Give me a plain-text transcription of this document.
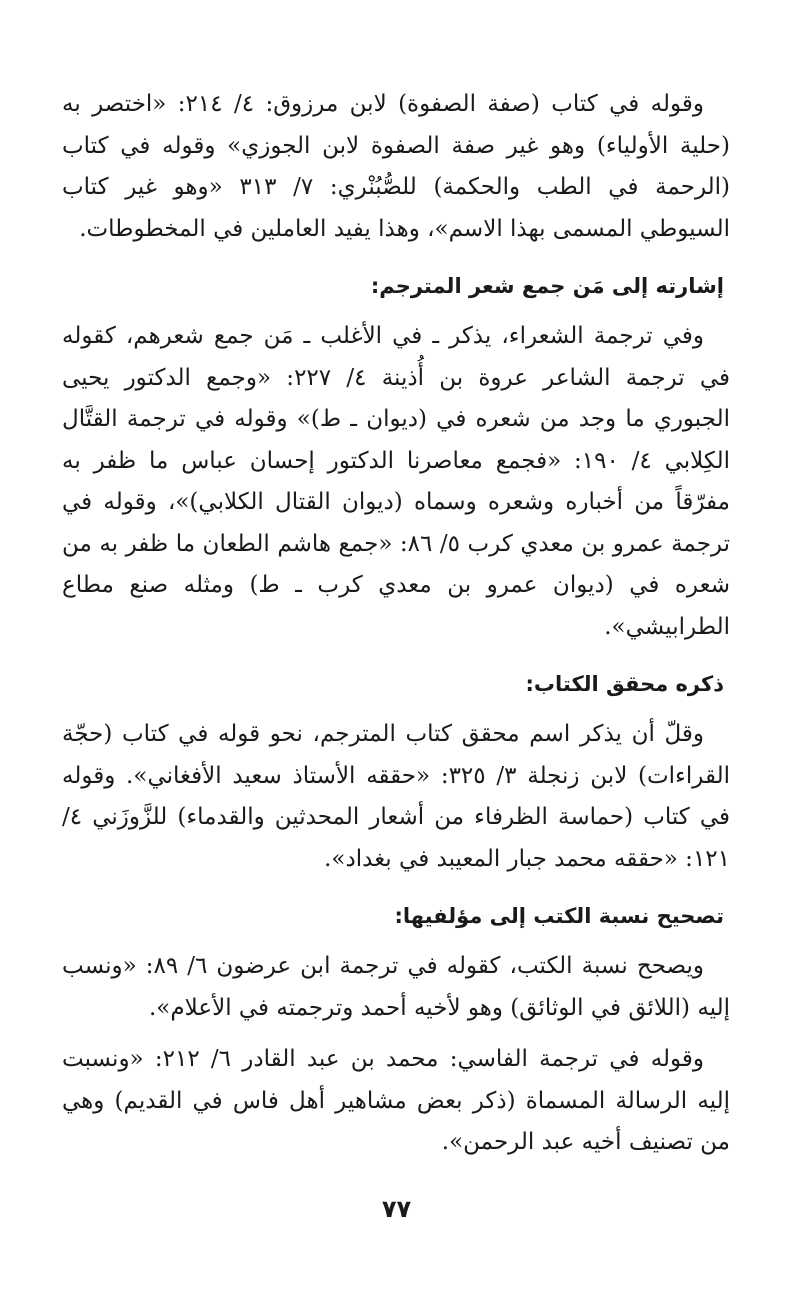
وقوله في كتاب (صفة الصفوة) لابن مرزوق: ٤/ ٢١٤: «اختصر به (حلية الأولياء) وهو غير صفة الصفوة لابن الجوزي» وقوله في كتاب (الرحمة في الطب والحكمة) للصُّبُنْري: ٧/ ٣١٣ «وهو غير كتاب السيوطي المسمى بهذا الاسم»، وهذا يفيد العاملين في المخطوطات.

إشارته إلى مَن جمع شعر المترجم:

وفي ترجمة الشعراء، يذكر ـ في الأغلب ـ مَن جمع شعرهم، كقوله في ترجمة الشاعر عروة بن أُذينة ٤/ ٢٢٧: «وجمع الدكتور يحيى الجبوري ما وجد من شعره في (ديوان ـ ط)» وقوله في ترجمة القتَّال الكِلابي ٤/ ١٩٠: «فجمع معاصرنا الدكتور إحسان عباس ما ظفر به مفرّقاً من أخباره وشعره وسماه (ديوان القتال الكلابي)»، وقوله في ترجمة عمرو بن معدي كرب ٥/ ٨٦: «جمع هاشم الطعان ما ظفر به من شعره في (ديوان عمرو بن معدي كرب ـ ط) ومثله صنع مطاع الطرابيشي».

ذكره محقق الكتاب:

وقلّ أن يذكر اسم محقق كتاب المترجم، نحو قوله في كتاب (حجّة القراءات) لابن زنجلة ٣/ ٣٢٥: «حققه الأستاذ سعيد الأفغاني». وقوله في كتاب (حماسة الظرفاء من أشعار المحدثين والقدماء) للزَّوزَني ٤/ ١٢١: «حققه محمد جبار المعيبد في بغداد».

تصحيح نسبة الكتب إلى مؤلفيها:

ويصحح نسبة الكتب، كقوله في ترجمة ابن عرضون ٦/ ٨٩: «ونسب إليه (اللائق في الوثائق) وهو لأخيه أحمد وترجمته في الأعلام».

وقوله في ترجمة الفاسي: محمد بن عبد القادر ٦/ ٢١٢: «ونسبت إليه الرسالة المسماة (ذكر بعض مشاهير أهل فاس في القديم) وهي من تصنيف أخيه عبد الرحمن».

٧٧
